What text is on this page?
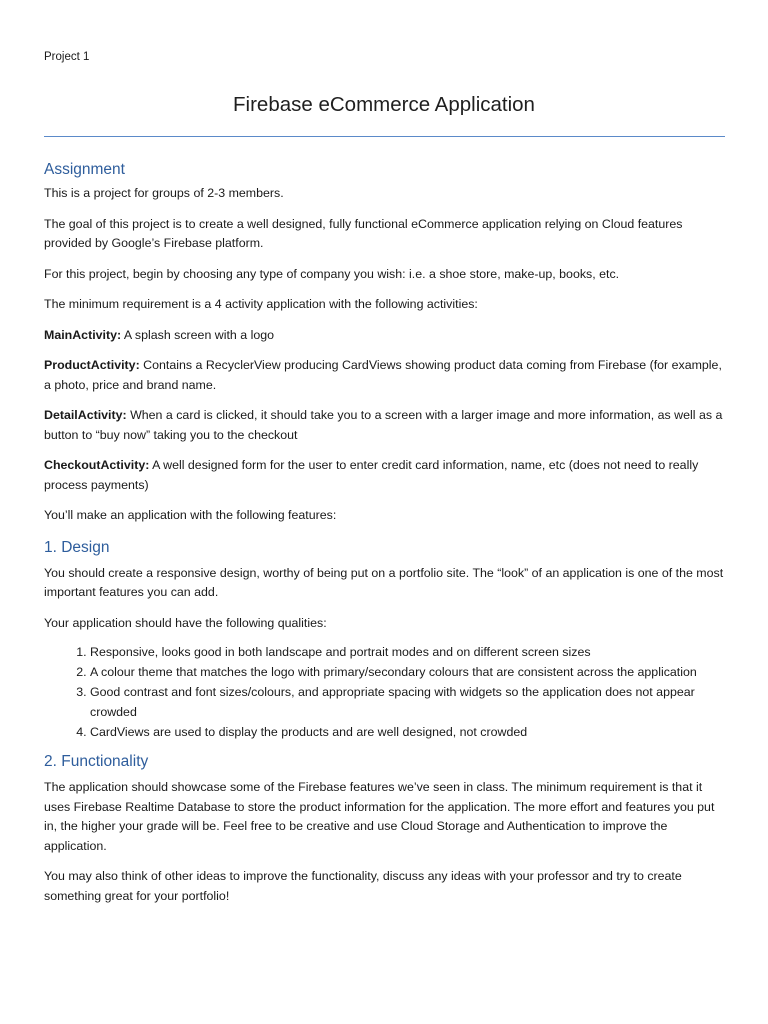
Project 1
Firebase eCommerce Application
Assignment

This is a project for groups of 2-3 members.

The goal of this project is to create a well designed, fully functional eCommerce application relying on Cloud features provided by Google’s Firebase platform.

For this project, begin by choosing any type of company you wish: i.e. a shoe store, make-up, books, etc.

The minimum requirement is a 4 activity application with the following activities:

MainActivity: A splash screen with a logo

ProductActivity: Contains a RecyclerView producing CardViews showing product data coming from Firebase (for example, a photo, price and brand name.

DetailActivity: When a card is clicked, it should take you to a screen with a larger image and more information, as well as a button to “buy now” taking you to the checkout

CheckoutActivity: A well designed form for the user to enter credit card information, name, etc (does not need to really process payments)

You’ll make an application with the following features:

1. Design

You should create a responsive design, worthy of being put on a portfolio site. The “look” of an application is one of the most important features you can add.

Your application should have the following qualities:

1. Responsive, looks good in both landscape and portrait modes and on different screen sizes
2. A colour theme that matches the logo with primary/secondary colours that are consistent across the application
3. Good contrast and font sizes/colours, and appropriate spacing with widgets so the application does not appear crowded
4. CardViews are used to display the products and are well designed, not crowded
2. Functionality

The application should showcase some of the Firebase features we’ve seen in class. The minimum requirement is that it uses Firebase Realtime Database to store the product information for the application. The more effort and features you put in, the higher your grade will be. Feel free to be creative and use Cloud Storage and Authentication to improve the application.

You may also think of other ideas to improve the functionality, discuss any ideas with your professor and try to create something great for your portfolio!
